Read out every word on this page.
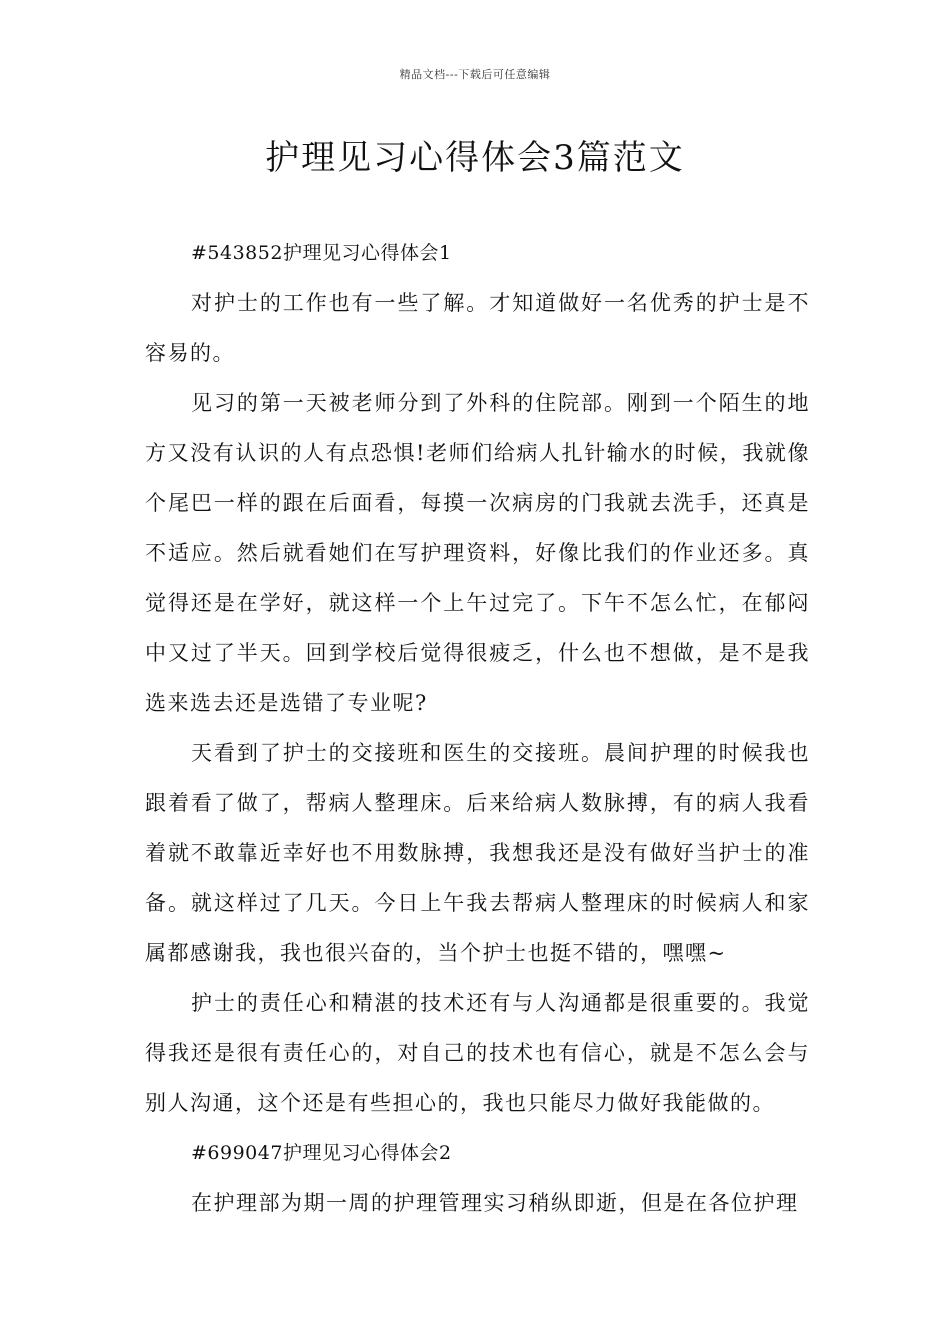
精品文档---下载后可任意编辑
护理见习心得体会3篇范文

#543852护理见习心得体会1

对护士的工作也有一些了解。才知道做好一名优秀的护士是不容易的。

见习的第一天被老师分到了外科的住院部。刚到一个陌生的地方又没有认识的人有点恐惧!老师们给病人扎针输水的时候，我就像个尾巴一样的跟在后面看，每摸一次病房的门我就去洗手，还真是不适应。然后就看她们在写护理资料，好像比我们的作业还多。真觉得还是在学好，就这样一个上午过完了。下午不怎么忙，在郁闷中又过了半天。回到学校后觉得很疲乏，什么也不想做，是不是我选来选去还是选错了专业呢?

天看到了护士的交接班和医生的交接班。晨间护理的时候我也跟着看了做了，帮病人整理床。后来给病人数脉搏，有的病人我看着就不敢靠近幸好也不用数脉搏，我想我还是没有做好当护士的准备。就这样过了几天。今日上午我去帮病人整理床的时候病人和家属都感谢我，我也很兴奋的，当个护士也挺不错的，嘿嘿~

护士的责任心和精湛的技术还有与人沟通都是很重要的。我觉得我还是很有责任心的，对自己的技术也有信心，就是不怎么会与别人沟通，这个还是有些担心的，我也只能尽力做好我能做的。

#699047护理见习心得体会2

在护理部为期一周的护理管理实习稍纵即逝，但是在各位护理
